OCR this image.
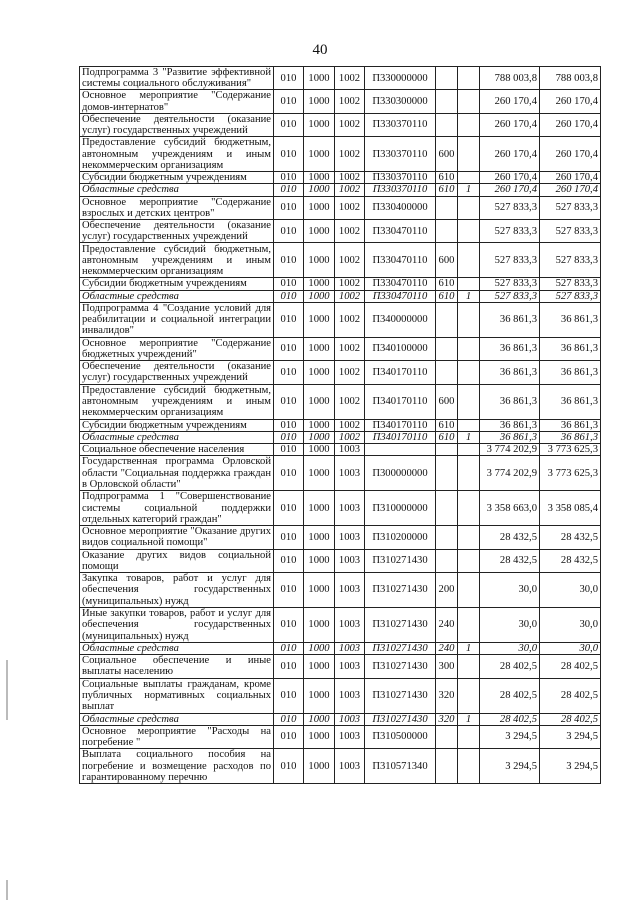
40
Подпрограмма 3 "Развитие эффективной системы социального обслуживания"	010	1000	1002	П330000000			788 003,8	788 003,8
Основное мероприятие "Содержание домов-интернатов"	010	1000	1002	П330300000			260 170,4	260 170,4
Обеспечение деятельности (оказание услуг) государственных учреждений	010	1000	1002	П330370110			260 170,4	260 170,4
Предоставление субсидий бюджетным, автономным учреждениям и иным некоммерческим организациям	010	1000	1002	П330370110	600		260 170,4	260 170,4
Субсидии бюджетным учреждениям	010	1000	1002	П330370110	610		260 170,4	260 170,4
Областные средства	010	1000	1002	П330370110	610	1	260 170,4	260 170,4
Основное мероприятие "Содержание взрослых и детских центров"	010	1000	1002	П330400000			527 833,3	527 833,3
Обеспечение деятельности (оказание услуг) государственных учреждений	010	1000	1002	П330470110			527 833,3	527 833,3
Предоставление субсидий бюджетным, автономным учреждениям и иным некоммерческим организациям	010	1000	1002	П330470110	600		527 833,3	527 833,3
Субсидии бюджетным учреждениям	010	1000	1002	П330470110	610		527 833,3	527 833,3
Областные средства	010	1000	1002	П330470110	610	1	527 833,3	527 833,3
Подпрограмма 4 "Создание условий для реабилитации и социальной интеграции инвалидов"	010	1000	1002	П340000000			36 861,3	36 861,3
Основное мероприятие "Содержание бюджетных учреждений"	010	1000	1002	П340100000			36 861,3	36 861,3
Обеспечение деятельности (оказание услуг) государственных учреждений	010	1000	1002	П340170110			36 861,3	36 861,3
Предоставление субсидий бюджетным, автономным учреждениям и иным некоммерческим организациям	010	1000	1002	П340170110	600		36 861,3	36 861,3
Субсидии бюджетным учреждениям	010	1000	1002	П340170110	610		36 861,3	36 861,3
Областные средства	010	1000	1002	П340170110	610	1	36 861,3	36 861,3
Социальное обеспечение населения	010	1000	1003				3 774 202,9	3 773 625,3
Государственная программа Орловской области "Социальная поддержка граждан в Орловской области"	010	1000	1003	П300000000			3 774 202,9	3 773 625,3
Подпрограмма 1 "Совершенствование системы социальной поддержки отдельных категорий граждан"	010	1000	1003	П310000000			3 358 663,0	3 358 085,4
Основное мероприятие "Оказание других видов социальной помощи"	010	1000	1003	П310200000			28 432,5	28 432,5
Оказание других видов социальной помощи	010	1000	1003	П310271430			28 432,5	28 432,5
Закупка товаров, работ и услуг для обеспечения государственных (муниципальных) нужд	010	1000	1003	П310271430	200		30,0	30,0
Иные закупки товаров, работ и услуг для обеспечения государственных (муниципальных) нужд	010	1000	1003	П310271430	240		30,0	30,0
Областные средства	010	1000	1003	П310271430	240	1	30,0	30,0
Социальное обеспечение и иные выплаты населению	010	1000	1003	П310271430	300		28 402,5	28 402,5
Социальные выплаты гражданам, кроме публичных нормативных социальных выплат	010	1000	1003	П310271430	320		28 402,5	28 402,5
Областные средства	010	1000	1003	П310271430	320	1	28 402,5	28 402,5
Основное мероприятие "Расходы на погребение "	010	1000	1003	П310500000			3 294,5	3 294,5
Выплата социального пособия на погребение и возмещение расходов по гарантированному перечню	010	1000	1003	П310571340			3 294,5	3 294,5
